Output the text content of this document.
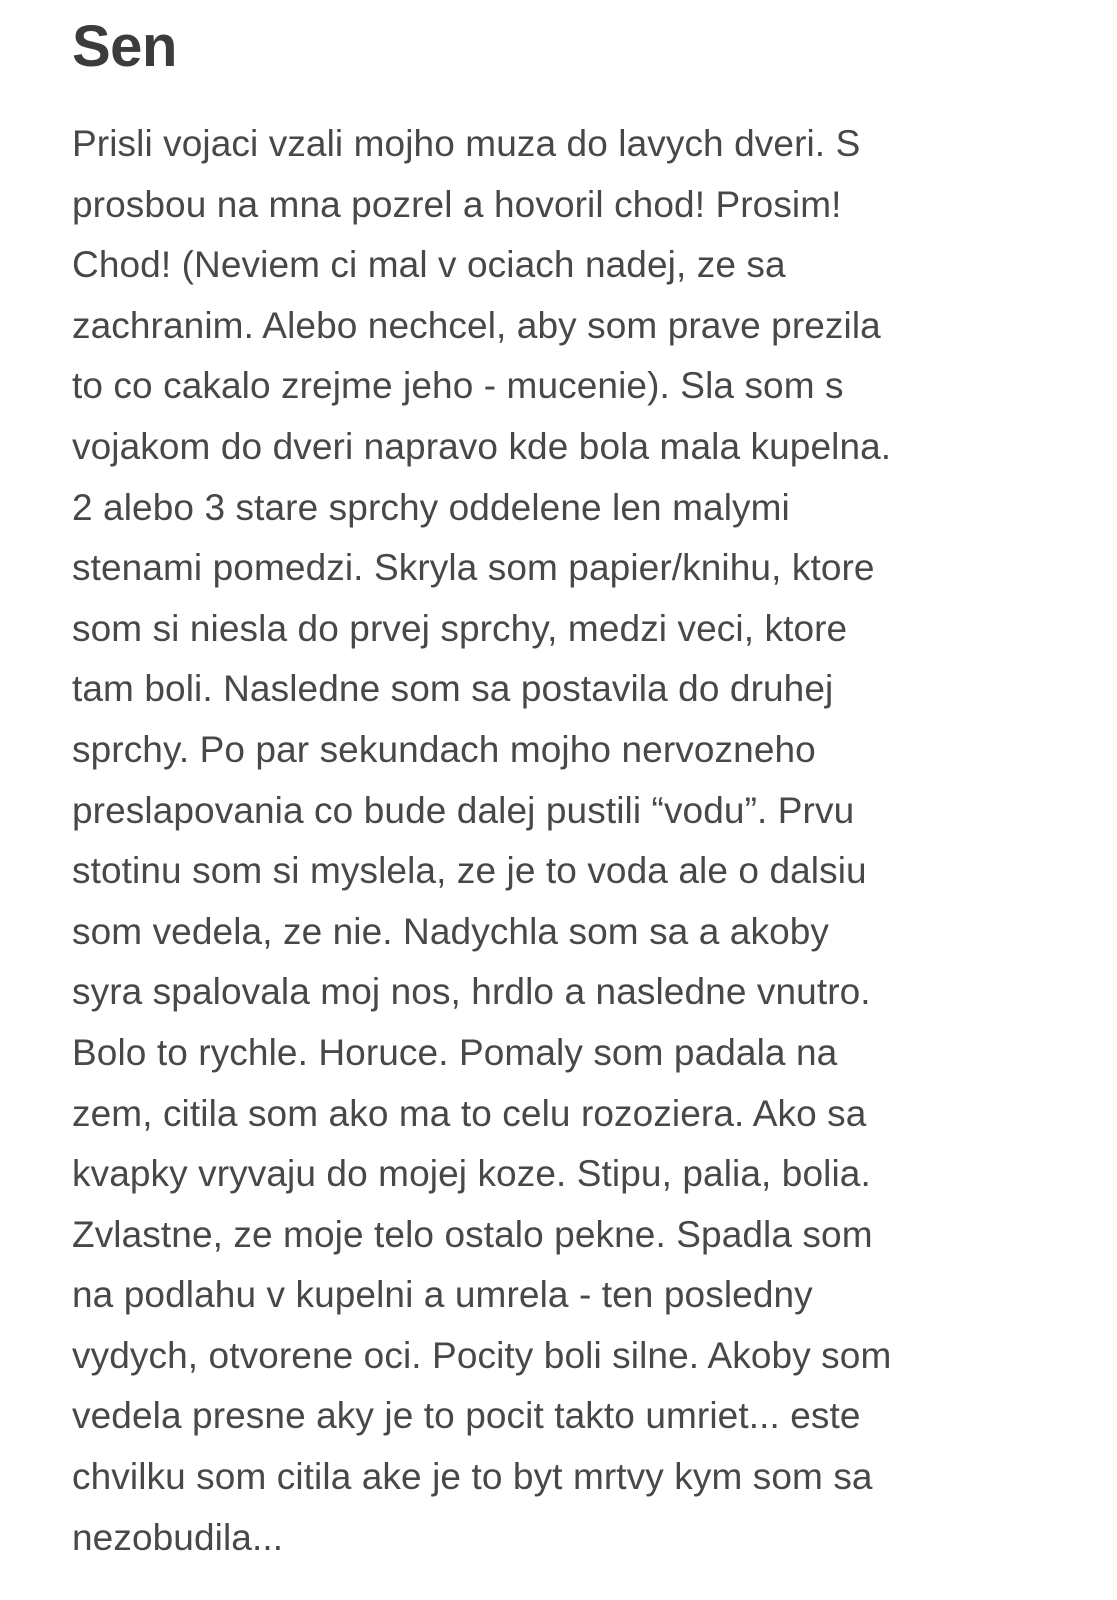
Sen
Prisli vojaci vzali mojho muza do lavych dveri. S
prosbou na mna pozrel a hovoril chod! Prosim!
Chod! (Neviem ci mal v ociach nadej, ze sa
zachranim. Alebo nechcel, aby som prave prezila
to co cakalo zrejme jeho - mucenie). Sla som s
vojakom do dveri napravo kde bola mala kupelna.
2 alebo 3 stare sprchy oddelene len malymi
stenami pomedzi. Skryla som papier/knihu, ktore
som si niesla do prvej sprchy, medzi veci, ktore
tam boli. Nasledne som sa postavila do druhej
sprchy. Po par sekundach mojho nervozneho
preslapovania co bude dalej pustili “vodu”. Prvu
stotinu som si myslela, ze je to voda ale o dalsiu
som vedela, ze nie. Nadychla som sa a akoby
syra spalovala moj nos, hrdlo a nasledne vnutro.
Bolo to rychle. Horuce. Pomaly som padala na
zem, citila som ako ma to celu rozoziera. Ako sa
kvapky vryvaju do mojej koze. Stipu, palia, bolia.
Zvlastne, ze moje telo ostalo pekne. Spadla som
na podlahu v kupelni a umrela - ten posledny
vydych, otvorene oci. Pocity boli silne. Akoby som
vedela presne aky je to pocit takto umriet... este
chvilku som citila ake je to byt mrtvy kym som sa
nezobudila...
